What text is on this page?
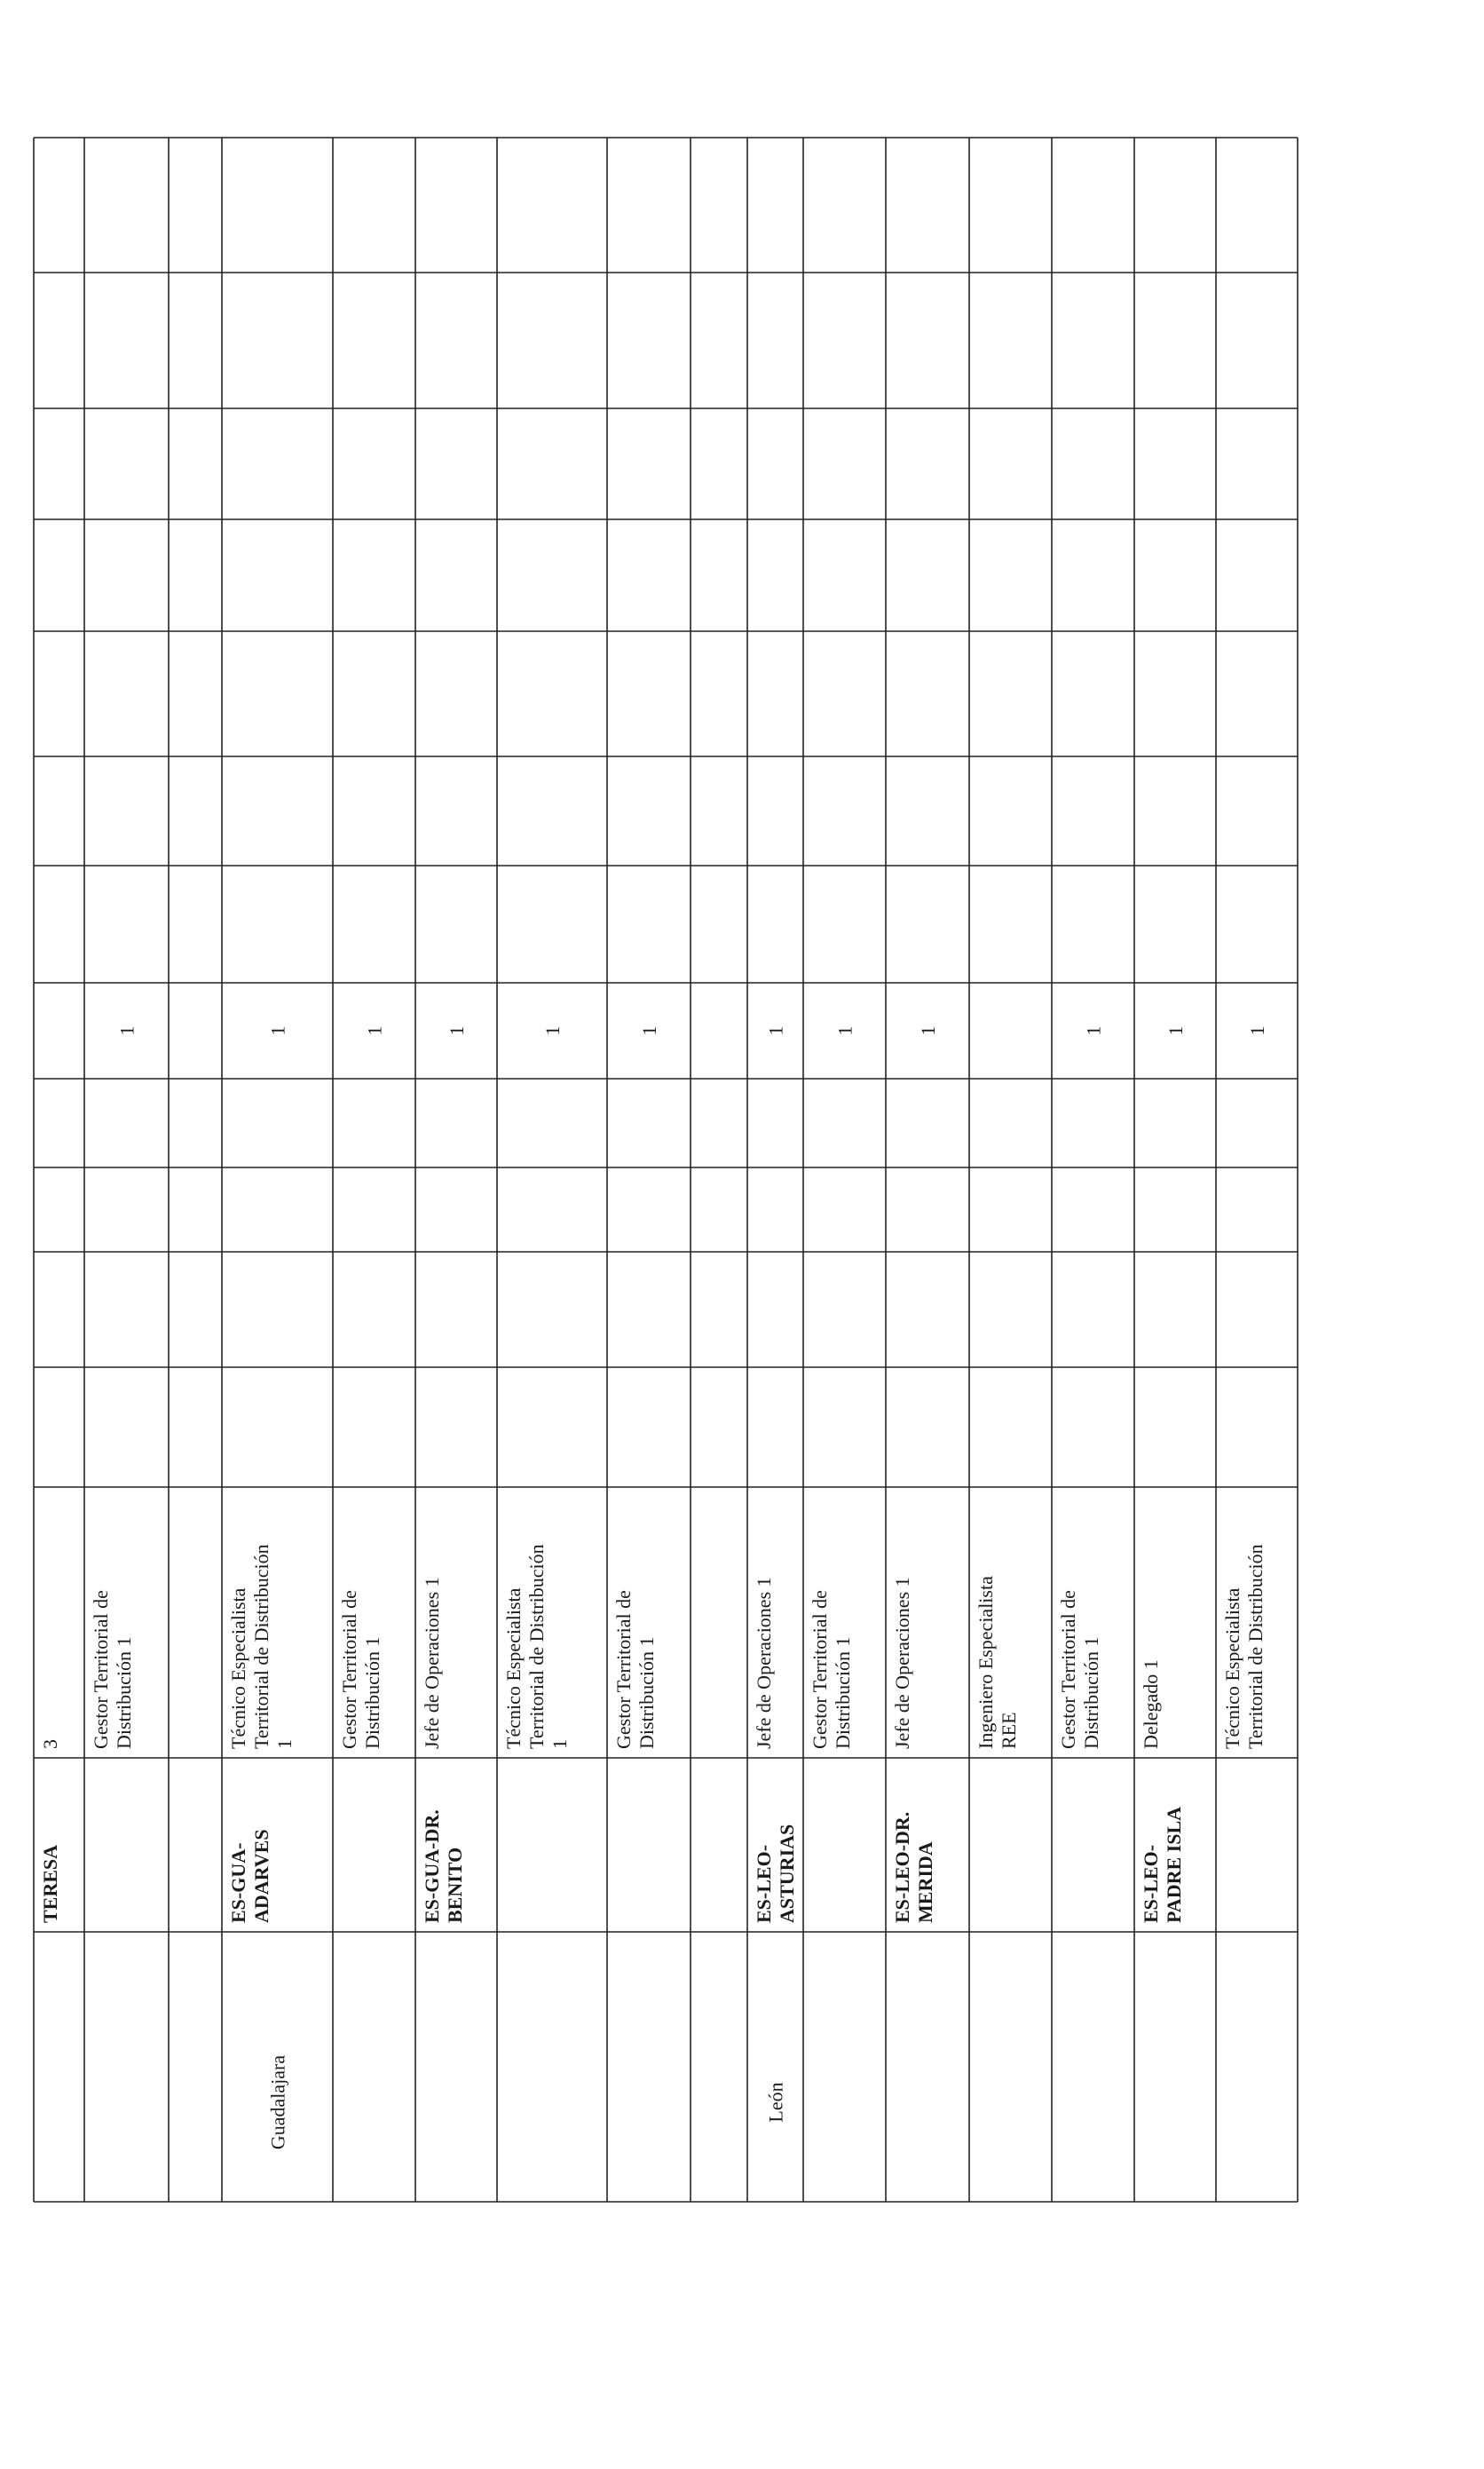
3
TERESA
Gestor Territorial deDistribución 1
1
Técnico EspecialistaTerritorial de Distribución1
ES-GUA-ADARVES
Guadalajara
1
Gestor Territorial deDistribución 1
1
Jefe de Operaciones 1
ES-GUA-DR.BENITO
1
Técnico EspecialistaTerritorial de Distribución1
1
Gestor Territorial deDistribución 1
1
Jefe de Operaciones 1
ES-LEO-ASTURIAS
León
1
Gestor Territorial deDistribución 1
1
Jefe de Operaciones 1
ES-LEO-DR.MERIDA
1
Ingeniero EspecialistaREE Gestor Territorial deDistribución 1
1
Delegado 1
ES-LEO-PADRE ISLA
1
Técnico EspecialistaTerritorial de Distribución
1
